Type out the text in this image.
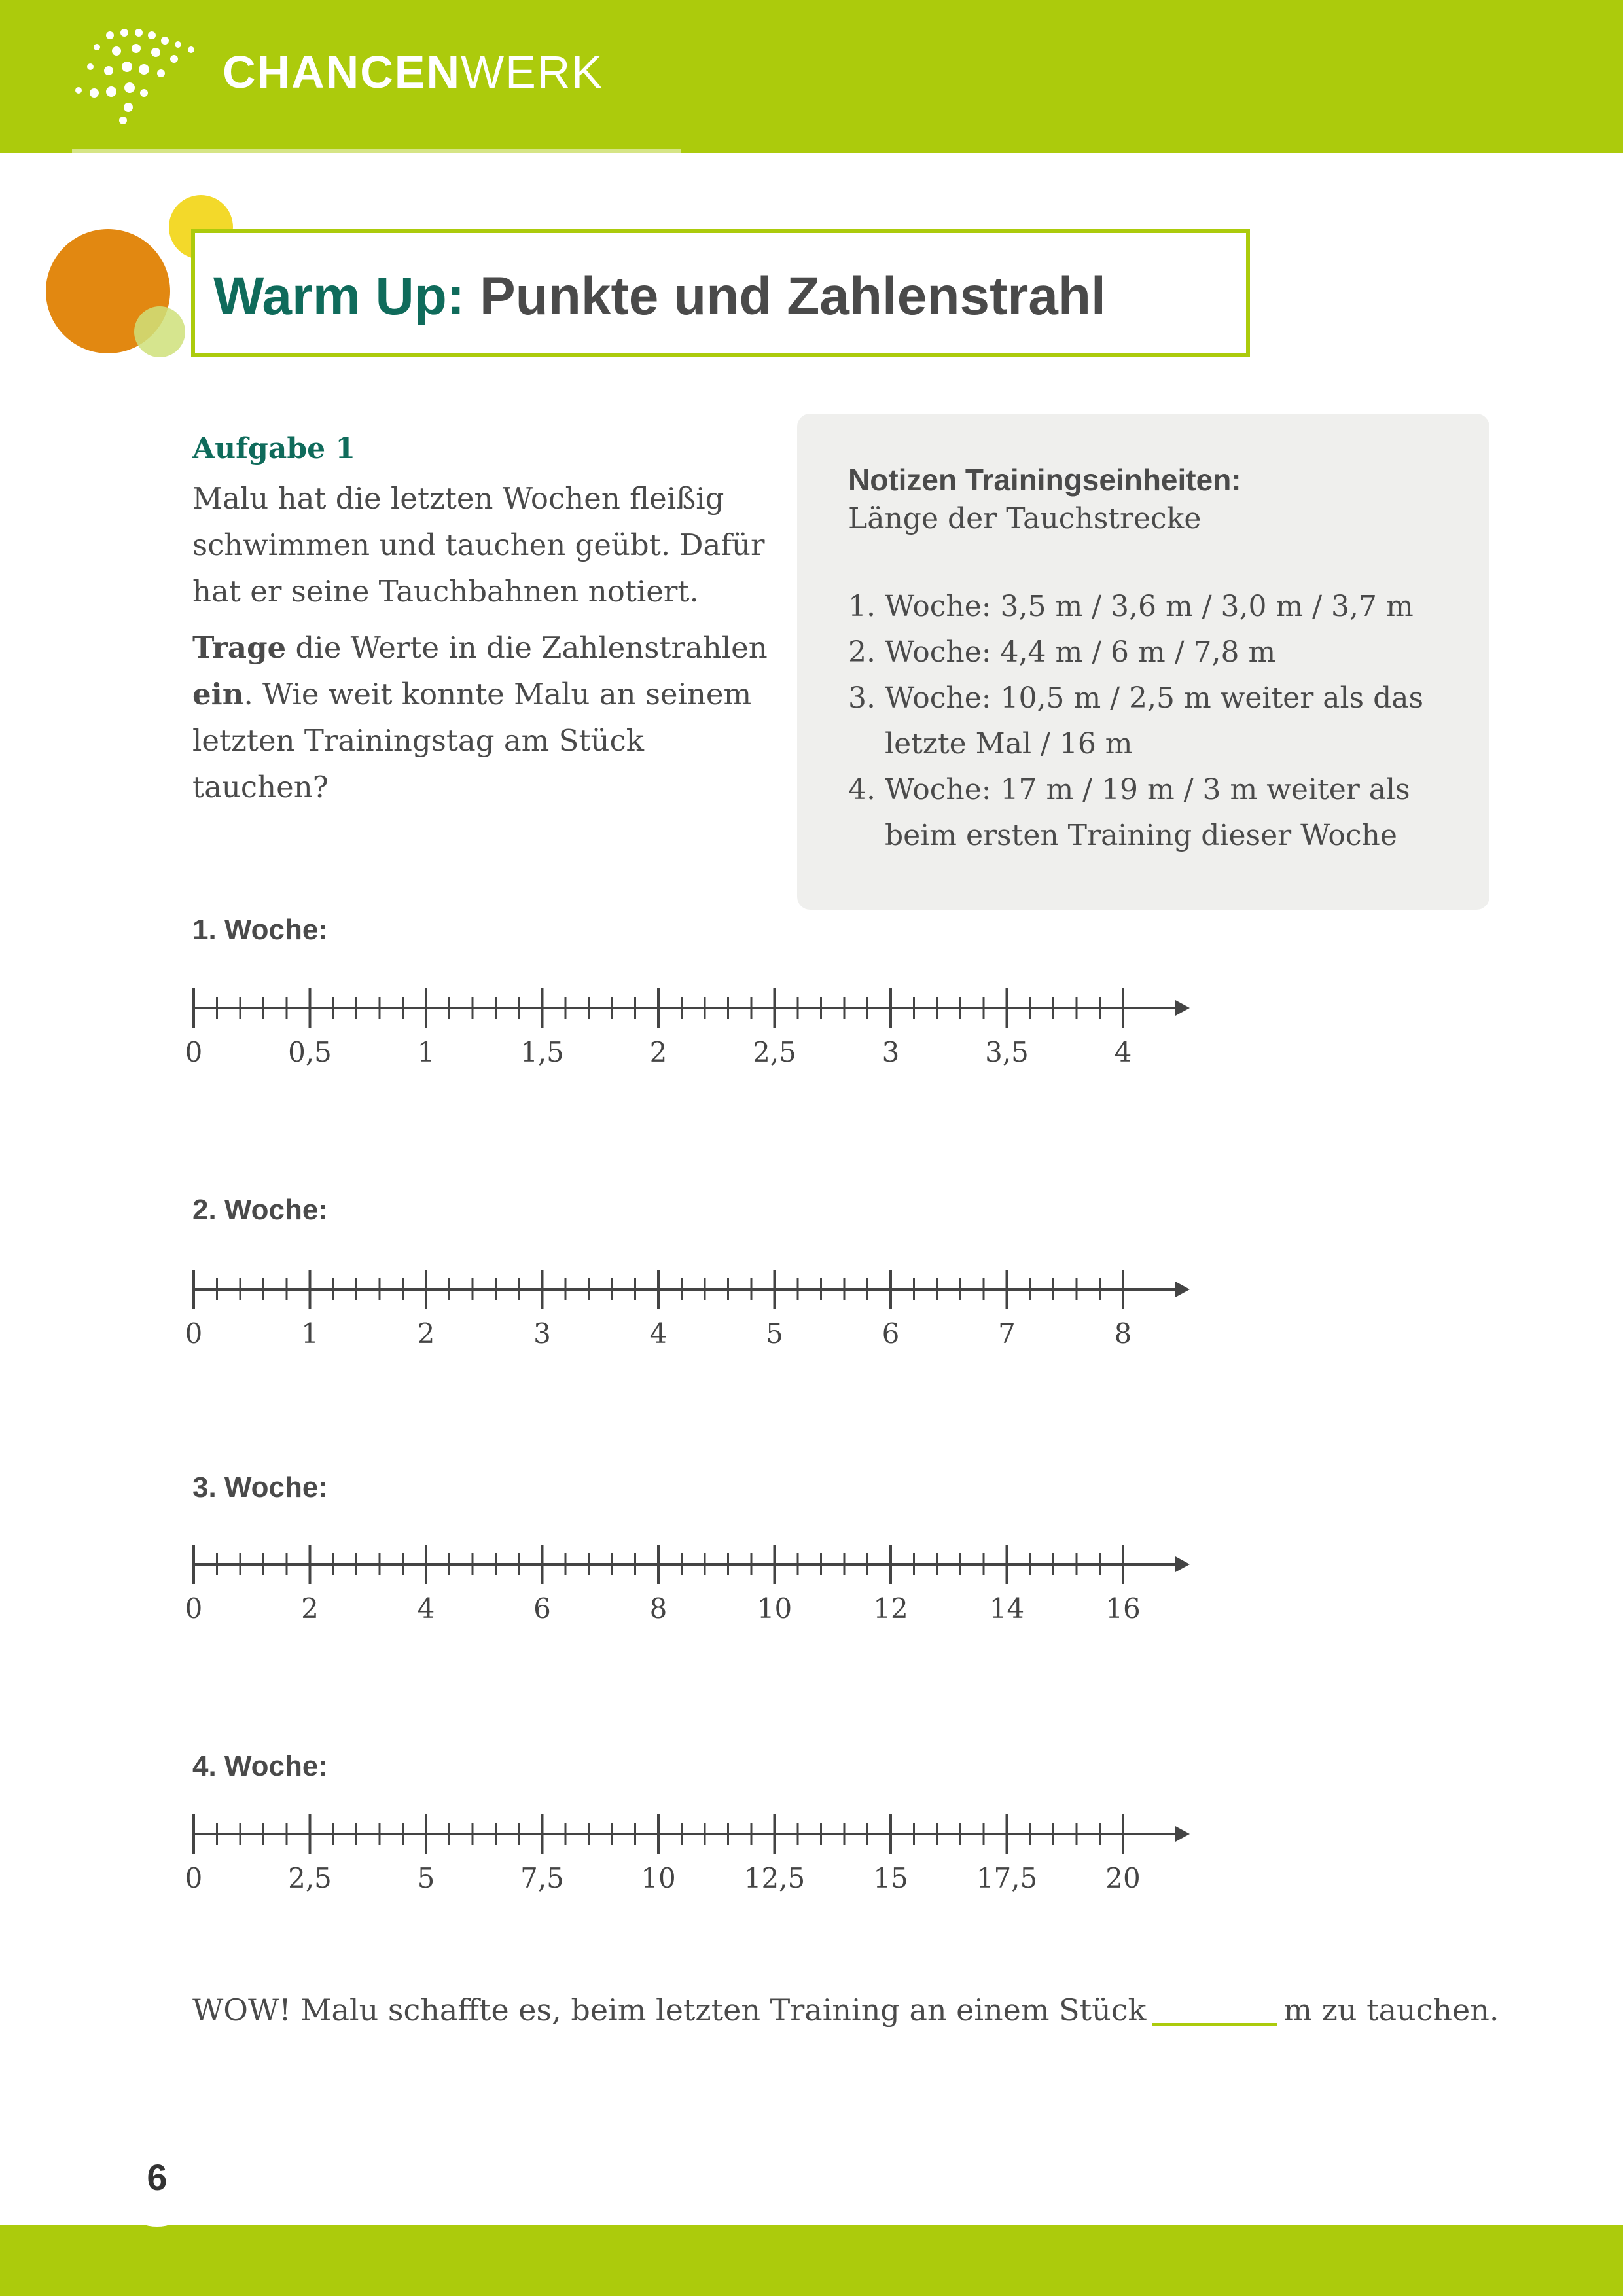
CHANCENWERK
Warm Up: Punkte und Zahlenstrahl
Aufgabe 1
Malu hat die letzten Wochen fleißig schwimmen und tauchen geübt. Dafür hat er seine Tauchbahnen notiert.
Trage die Werte in die Zahlenstrahlen ein. Wie weit konnte Malu an seinem letzten Trainingstag am Stück tauchen?
Notizen Trainingseinheiten:
Länge der Tauchstrecke
1. Woche: 3,5 m / 3,6 m / 3,0 m / 3,7 m
2. Woche: 4,4 m / 6 m / 7,8 m
3. Woche: 10,5 m / 2,5 m weiter als das letzte Mal / 16 m
4. Woche: 17 m / 19 m / 3 m weiter als beim ersten Training dieser Woche
1. Woche:
0	0,5	1	1,5	2	2,5	3	3,5	4
2. Woche:
0	1	2	3	4	5	6	7	8
3. Woche:
0	2	4	6	8	10	12	14	16
4. Woche:
0	2,5	5	7,5	10 12,5 15 17,5 20
WOW! Malu schaffte es, beim letzten Training an einem Stück	m zu tauchen.
6
